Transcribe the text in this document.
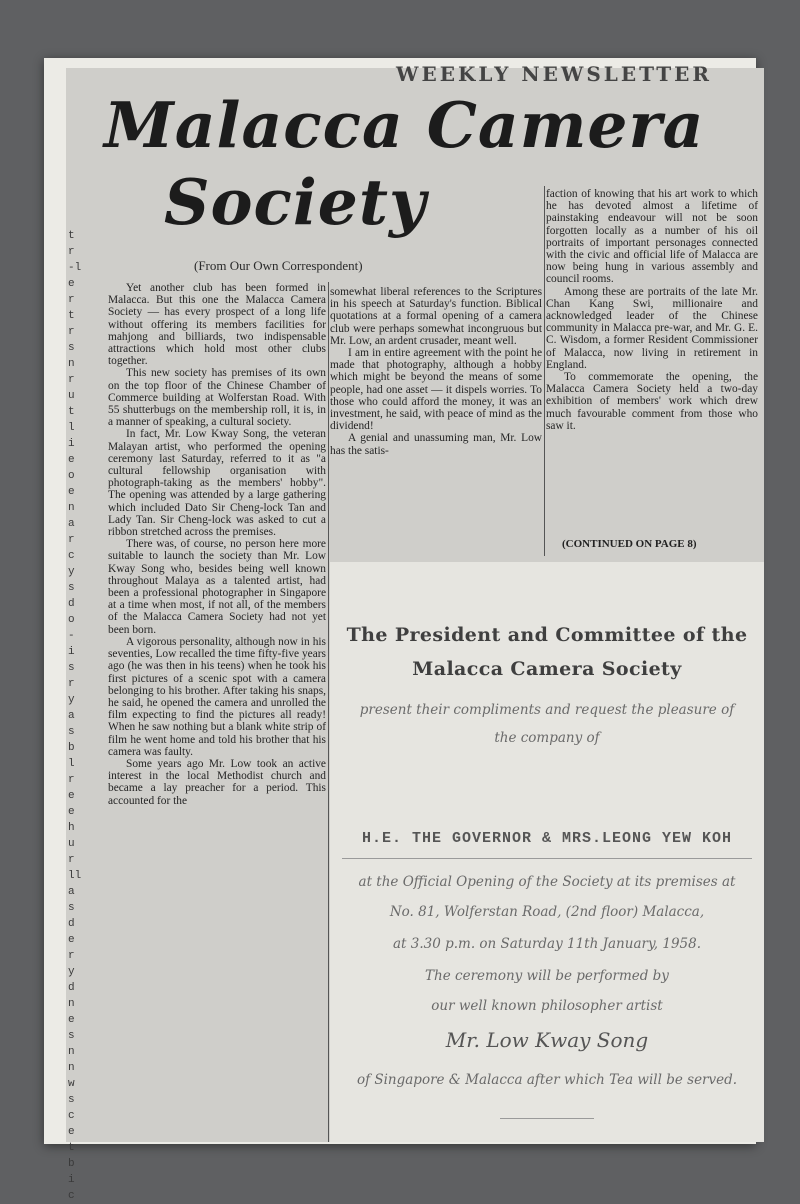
WEEKLY NEWSLETTER
Malacca Camera
Society
(From Our Own Correspondent)
t r -l e r t r s n r u t l i e o e n a r c y s d o - i s r y a s b l r e e h u r ll a s d e r y d n e s n n w s c e t b i c

Yet another club has been formed in Malacca. But this one the Malacca Camera Society — has every prospect of a long life without offering its members facilities for mahjong and billiards, two indispensable attractions which hold most other clubs together.

This new society has premises of its own on the top floor of the Chinese Chamber of Commerce building at Wolferstan Road. With 55 shutterbugs on the membership roll, it is, in a manner of speaking, a cultural society.

In fact, Mr. Low Kway Song, the veteran Malayan artist, who performed the opening ceremony last Saturday, referred to it as "a cultural fellowship organisation with photograph-taking as the members' hobby". The opening was attended by a large gathering which included Dato Sir Cheng-lock Tan and Lady Tan. Sir Cheng-lock was asked to cut a ribbon stretched across the premises.

There was, of course, no person here more suitable to launch the society than Mr. Low Kway Song who, besides being well known throughout Malaya as a talented artist, had been a professional photographer in Singapore at a time when most, if not all, of the members of the Malacca Camera Society had not yet been born.

A vigorous personality, although now in his seventies, Low recalled the time fifty-five years ago (he was then in his teens) when he took his first pictures of a scenic spot with a camera belonging to his brother. After taking his snaps, he said, he opened the camera and unrolled the film expecting to find the pictures all ready! When he saw nothing but a blank white strip of film he went home and told his brother that his camera was faulty.

Some years ago Mr. Low took an active interest in the local Methodist church and became a lay preacher for a period. This accounted for the

somewhat liberal references to the Scriptures in his speech at Saturday's function. Biblical quotations at a formal opening of a camera club were perhaps somewhat incongruous but Mr. Low, an ardent crusader, meant well.

I am in entire agreement with the point he made that photography, although a hobby which might be beyond the means of some people, had one asset — it dispels worries. To those who could afford the money, it was an investment, he said, with peace of mind as the dividend!

A genial and unassuming man, Mr. Low has the satis-

faction of knowing that his art work to which he has devoted almost a lifetime of painstaking endeavour will not be soon forgotten locally as a number of his oil portraits of important personages connected with the civic and official life of Malacca are now being hung in various assembly and council rooms.

Among these are portraits of the late Mr. Chan Kang Swi, millionaire and acknowledged leader of the Chinese community in Malacca pre-war, and Mr. G. E. C. Wisdom, a former Resident Commissioner of Malacca, now living in retirement in England.

To commemorate the opening, the Malacca Camera Society held a two-day exhibition of members' work which drew much favourable comment from those who saw it.

(CONTINUED ON PAGE 8)
The President and Committee of the
Malacca Camera Society
present their compliments and request the pleasure of
the company of
H.E. THE GOVERNOR & MRS.LEONG YEW KOH
at the Official Opening of the Society at its premises at
No. 81, Wolferstan Road, (2nd floor) Malacca,
at 3.30 p.m. on Saturday 11th January, 1958.
The ceremony will be performed by
our well known philosopher artist
Mr. Low Kway Song
of Singapore & Malacca after which Tea will be served.
